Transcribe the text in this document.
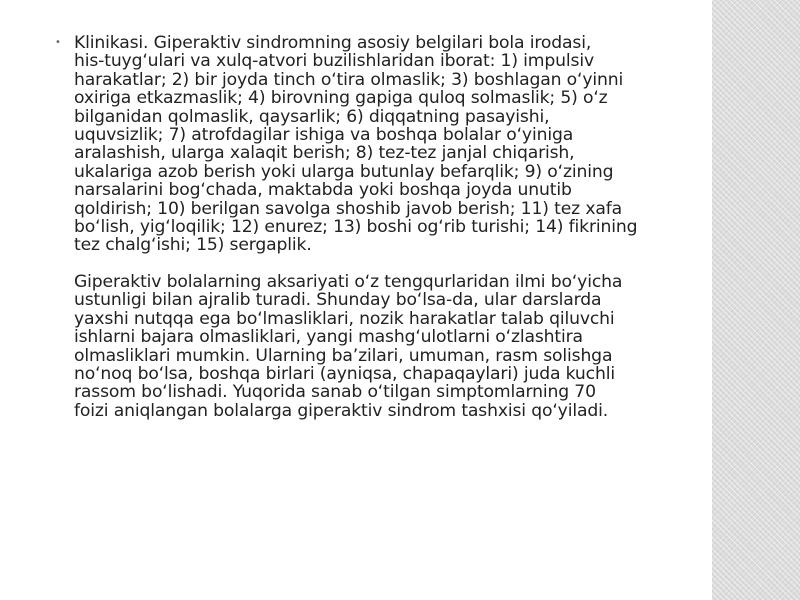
• Klinikasi. Giperaktiv sindromning asosiy belgilari bola irodasi,
his-tuyg‘ulari va xulq-atvori buzilishlaridan iborat: 1) impulsiv
harakatlar; 2) bir joyda tinch o‘tira olmaslik; 3) boshlagan o‘yinni
oxiriga etkazmaslik; 4) birovning gapiga quloq solmaslik; 5) o‘z
bilganidan qolmaslik, qaysarlik; 6) diqqatning pasayishi,
uquvsizlik; 7) atrofdagilar ishiga va boshqa bolalar o‘yiniga
aralashish, ularga xalaqit berish; 8) tez-tez janjal chiqarish,
ukalariga azob berish yoki ularga butunlay befarqlik; 9) o‘zining
narsalarini bog‘chada, maktabda yoki boshqa joyda unutib
qoldirish; 10) berilgan savolga shoshib javob berish; 11) tez xafa
bo‘lish, yig‘loqilik; 12) enurez; 13) boshi og‘rib turishi; 14) fikrining
tez chalg‘ishi; 15) sergaplik.

Giperaktiv bolalarning aksariyati o‘z tengqurlaridan ilmi bo‘yicha
ustunligi bilan ajralib turadi. Shunday bo‘lsa-da, ular darslarda
yaxshi nutqqa ega bo‘lmasliklari, nozik harakatlar talab qiluvchi
ishlarni bajara olmasliklari, yangi mashg‘ulotlarni o‘zlashtira
olmasliklari mumkin. Ularning ba’zilari, umuman, rasm solishga
no‘noq bo‘lsa, boshqa birlari (ayniqsa, chapaqaylari) juda kuchli
rassom bo‘lishadi. Yuqorida sanab o‘tilgan simptomlarning 70
foizi aniqlangan bolalarga giperaktiv sindrom tashxisi qo‘yiladi.
